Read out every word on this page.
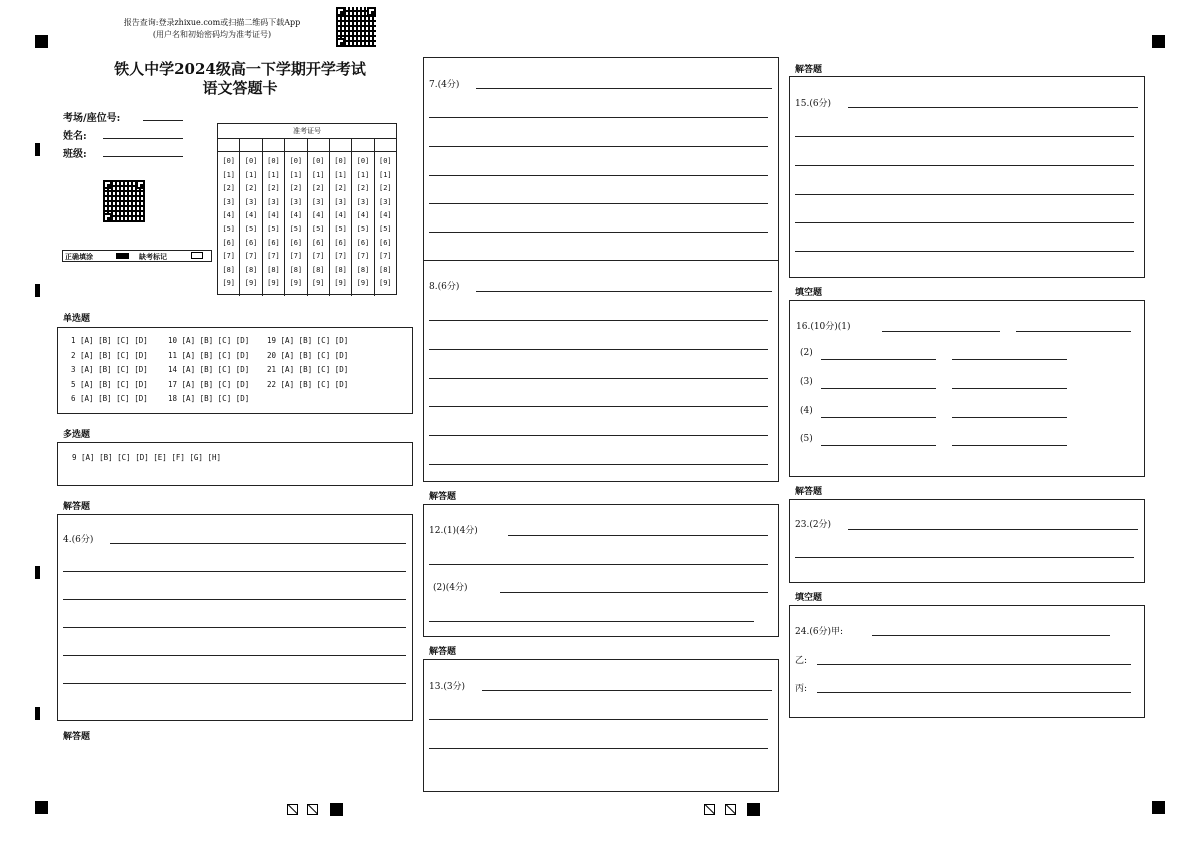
报告查询:登录zhixue.com或扫描二维码下载App
(用户名和初始密码均为准考证号)
铁人中学2024级高一下学期开学考试
语文答题卡
考场/座位号:
姓名:
班级:
正确填涂	缺考标记
准考证号
[0]
[1]
[2]
[3]
[4]
[5]
[6]
[7]
[8]
[9]
[0]
[1]
[2]
[3]
[4]
[5]
[6]
[7]
[8]
[9]
[0]
[1]
[2]
[3]
[4]
[5]
[6]
[7]
[8]
[9]
[0]
[1]
[2]
[3]
[4]
[5]
[6]
[7]
[8]
[9]
[0]
[1]
[2]
[3]
[4]
[5]
[6]
[7]
[8]
[9]
[0]
[1]
[2]
[3]
[4]
[5]
[6]
[7]
[8]
[9]
[0]
[1]
[2]
[3]
[4]
[5]
[6]
[7]
[8]
[9]
[0]
[1]
[2]
[3]
[4]
[5]
[6]
[7]
[8]
[9]
单选题
1 [A] [B] [C] [D]
2 [A] [B] [C] [D]
3 [A] [B] [C] [D]
5 [A] [B] [C] [D]
6 [A] [B] [C] [D]
10 [A] [B] [C] [D]
11 [A] [B] [C] [D]
14 [A] [B] [C] [D]
17 [A] [B] [C] [D]
18 [A] [B] [C] [D]
19 [A] [B] [C] [D]
20 [A] [B] [C] [D]
21 [A] [B] [C] [D]
22 [A] [B] [C] [D]
多选题
9 [A] [B] [C] [D] [E] [F] [G] [H]
解答题
4.(6分)
解答题
7.(4分)
8.(6分)
解答题
12.(1)(4分)
(2)(4分)
解答题
13.(3分)
解答题
15.(6分)
填空题
16.(10分)(1)
(2)
(3)
(4)
(5)
解答题
23.(2分)
填空题
24.(6分)甲:
乙:
丙:
